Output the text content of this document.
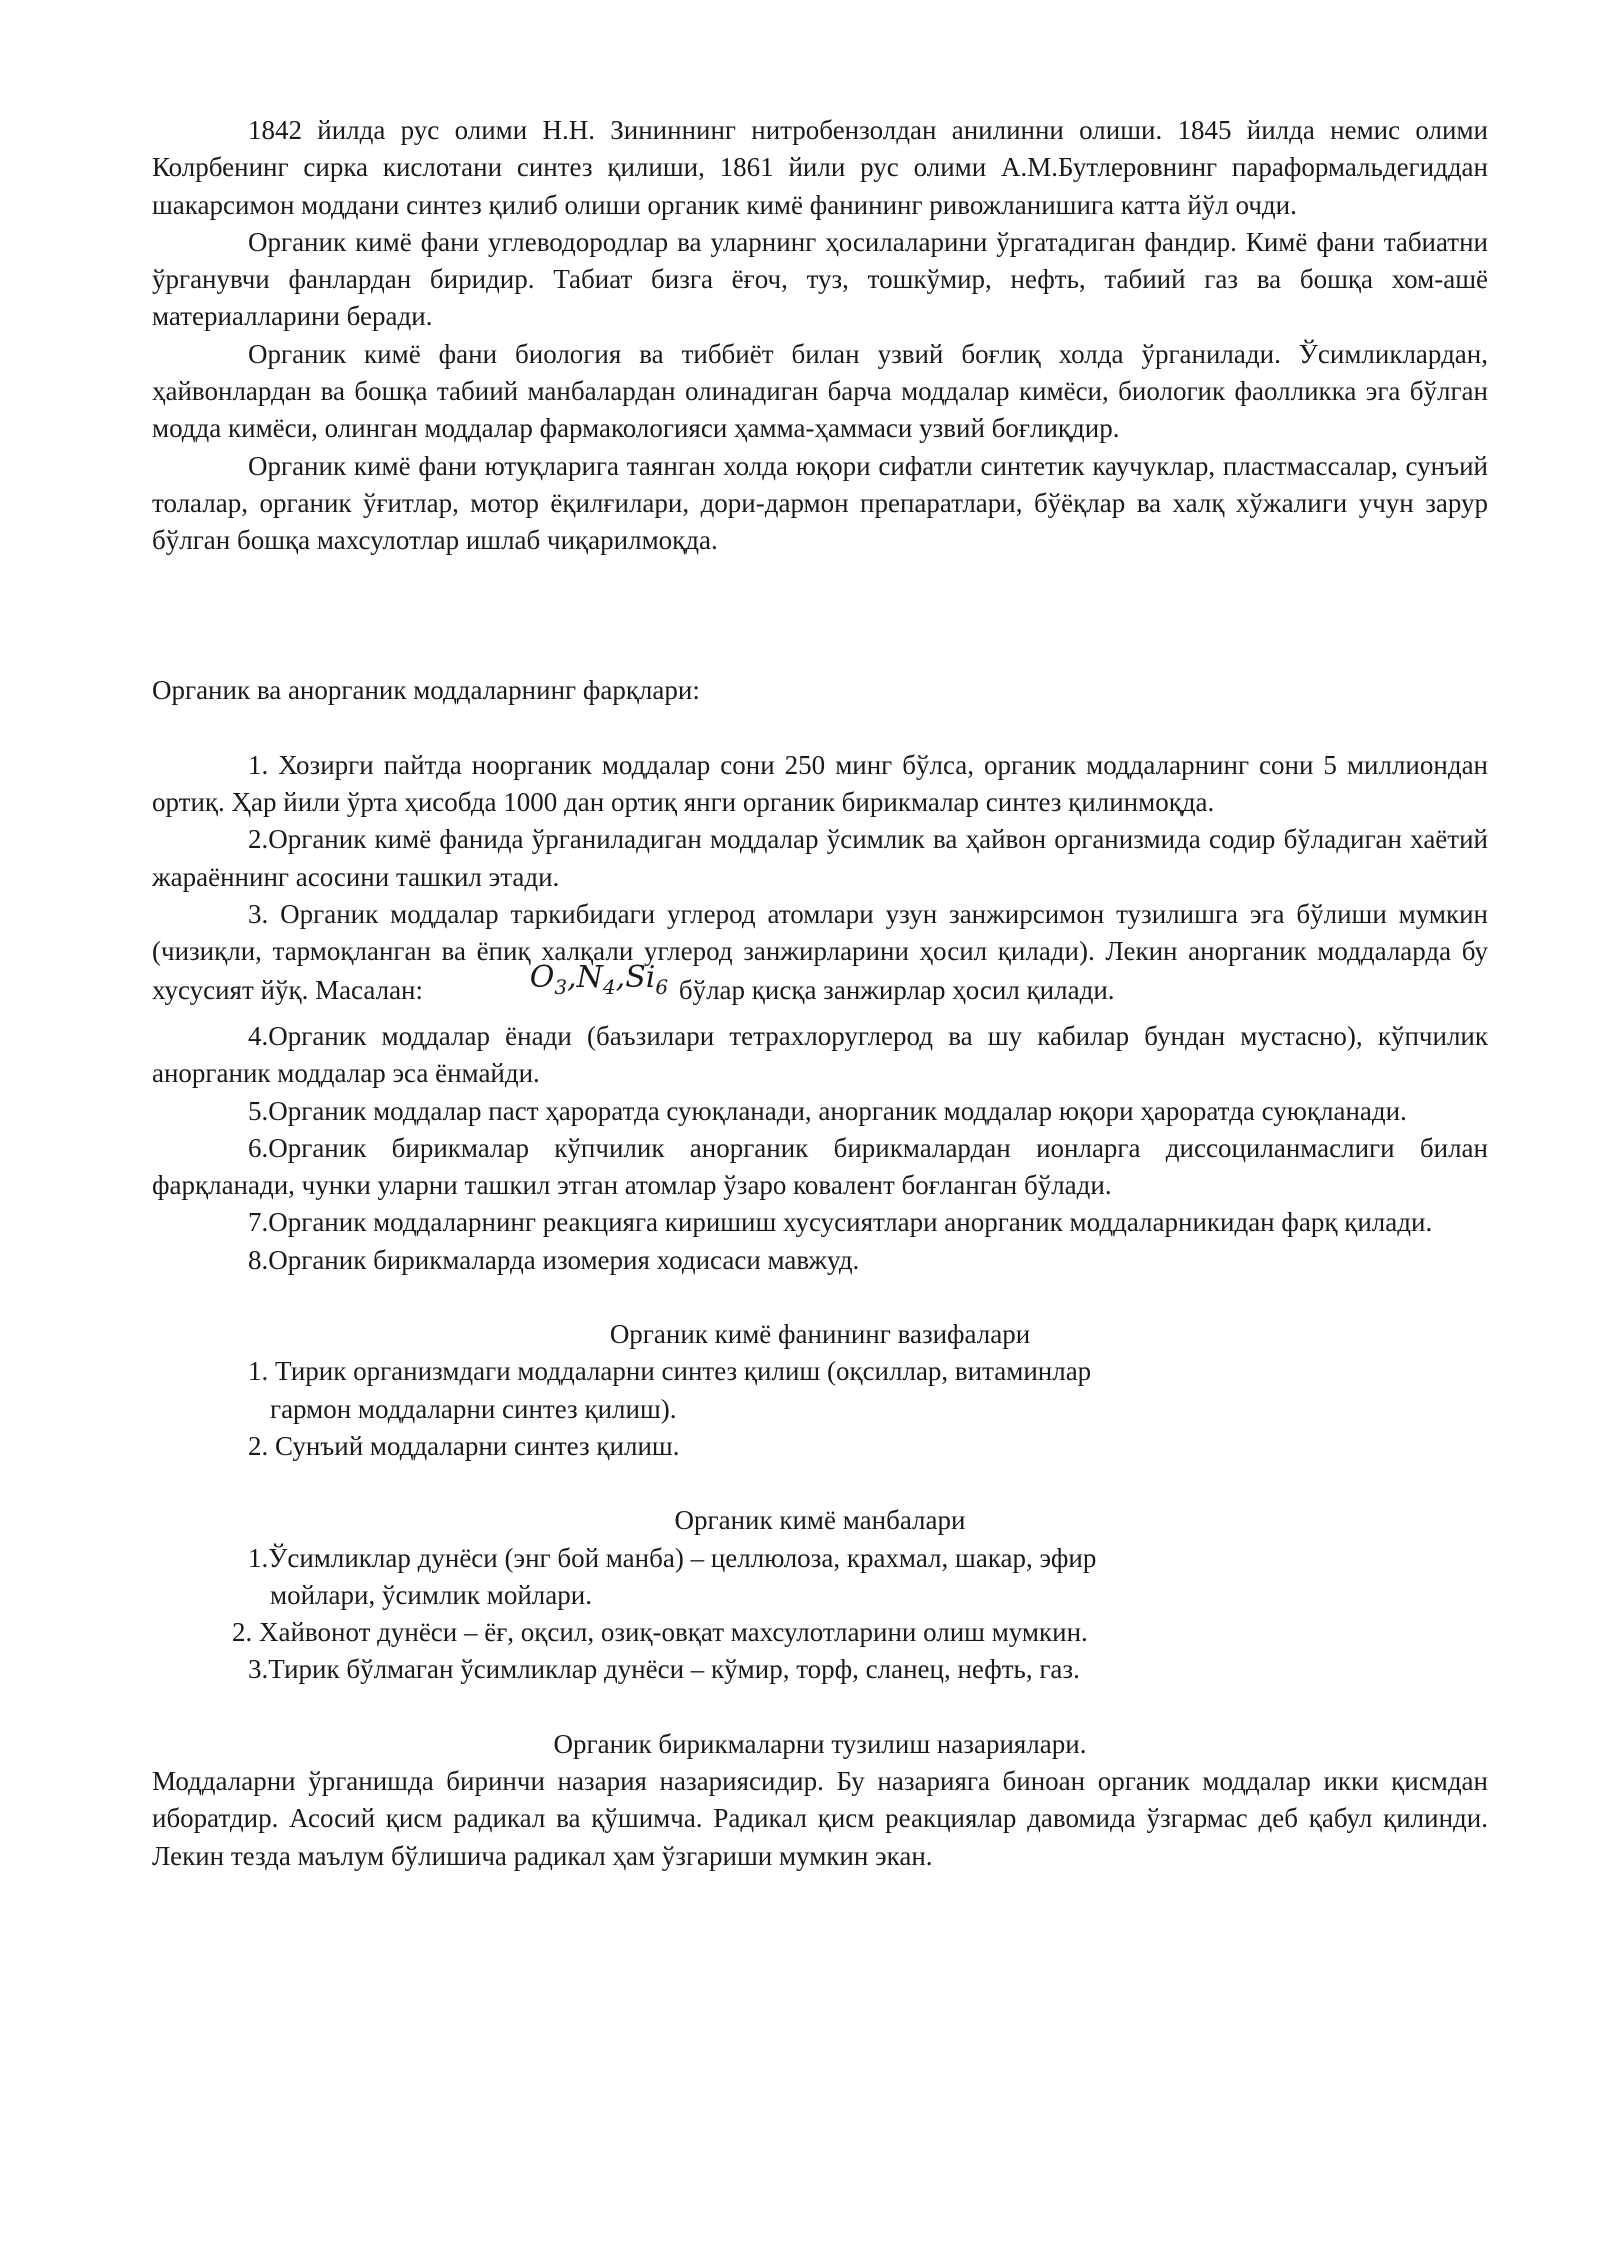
1842 йилда рус олими Н.Н. Зининнинг нитробензолдан анилинни олиши. 1845 йилда немис олими Колрбенинг сирка кислотани синтез қилиши, 1861 йили рус олими А.М.Бутлеровнинг параформальдегиддан шакарсимон моддани синтез қилиб олиши органик кимё фанининг ривожланишига катта йўл очди.

Органик кимё фани углеводородлар ва уларнинг ҳосилаларини ўргатадиган фандир. Кимё фани табиатни ўрганувчи фанлардан биридир. Табиат бизга ёғоч, туз, тошкўмир, нефть, табиий газ ва бошқа хом-ашё материалларини беради.

Органик кимё фани биология ва тиббиёт билан узвий боғлиқ холда ўрганилади. Ўсимликлардан, ҳайвонлардан ва бошқа табиий манбалардан олинадиган барча моддалар кимёси, биологик фаолликка эга бўлган модда кимёси, олинган моддалар фармакологияси ҳамма-ҳаммаси узвий боғлиқдир.

Органик кимё фани ютуқларига таянган холда юқори сифатли синтетик каучуклар, пластмассалар, сунъий толалар, органик ўғитлар, мотор ёқилғилари, дори-дармон препаратлари, бўёқлар ва халқ хўжалиги учун зарур бўлган бошқа махсулотлар ишлаб чиқарилмоқда.

Органик ва анорганик моддаларнинг фарқлари:

1. Хозирги пайтда ноорганик моддалар сони 250 минг бўлса, органик моддаларнинг сони 5 миллиондан ортиқ. Ҳар йили ўрта ҳисобда 1000 дан ортиқ янги органик бирикмалар синтез қилинмоқда.

2.Органик кимё фанида ўрганиладиган моддалар ўсимлик ва ҳайвон организмида содир бўладиган хаётий жараённинг асосини ташкил этади.

3. Органик моддалар таркибидаги углерод атомлари узун занжирсимон тузилишга эга бўлиши мумкин (чизиқли, тармоқланган ва ёпиқ халқали углерод занжирларини ҳосил қилади). Лекин анорганик моддаларда бу хусусият йўқ. Масалан:	$O_3,N_4,Si_6$ бўлар қисқа занжирлар ҳосил қилади.

4.Органик моддалар ёнади (баъзилари тетрахлоруглерод ва шу кабилар бундан мустасно), кўпчилик анорганик моддалар эса ёнмайди.

5.Органик моддалар паст ҳароратда суюқланади, анорганик моддалар юқори ҳароратда суюқланади.

6.Органик бирикмалар кўпчилик анорганик бирикмалардан ионларга диссоциланмаслиги билан фарқланади, чунки уларни ташкил этган атомлар ўзаро ковалент боғланган бўлади.

7.Органик моддаларнинг реакцияга киришиш хусусиятлари анорганик моддаларникидан фарқ қилади.

8.Органик бирикмаларда изомерия ходисаси мавжуд.

Органик кимё фанининг вазифалари

1. Тирик организмдаги моддаларни синтез қилиш (оқсиллар, витаминлар

гармон моддаларни синтез қилиш).

2. Сунъий моддаларни синтез қилиш.

Органик кимё манбалари

1.Ўсимликлар дунёси (энг бой манба) – целлюлоза, крахмал, шакар, эфир

мойлари, ўсимлик мойлари.

2. Хайвонот дунёси – ёғ, оқсил, озиқ-овқат махсулотларини олиш мумкин.

3.Тирик бўлмаган ўсимликлар дунёси – кўмир, торф, сланец, нефть, газ.

Органик бирикмаларни тузилиш назариялари.

Моддаларни ўрганишда биринчи назария назариясидир. Бу назарияга биноан органик моддалар икки қисмдан иборатдир. Асосий қисм радикал ва қўшимча. Радикал қисм реакциялар давомида ўзгармас деб қабул қилинди. Лекин тезда маълум бўлишича радикал ҳам ўзгариши мумкин экан.
